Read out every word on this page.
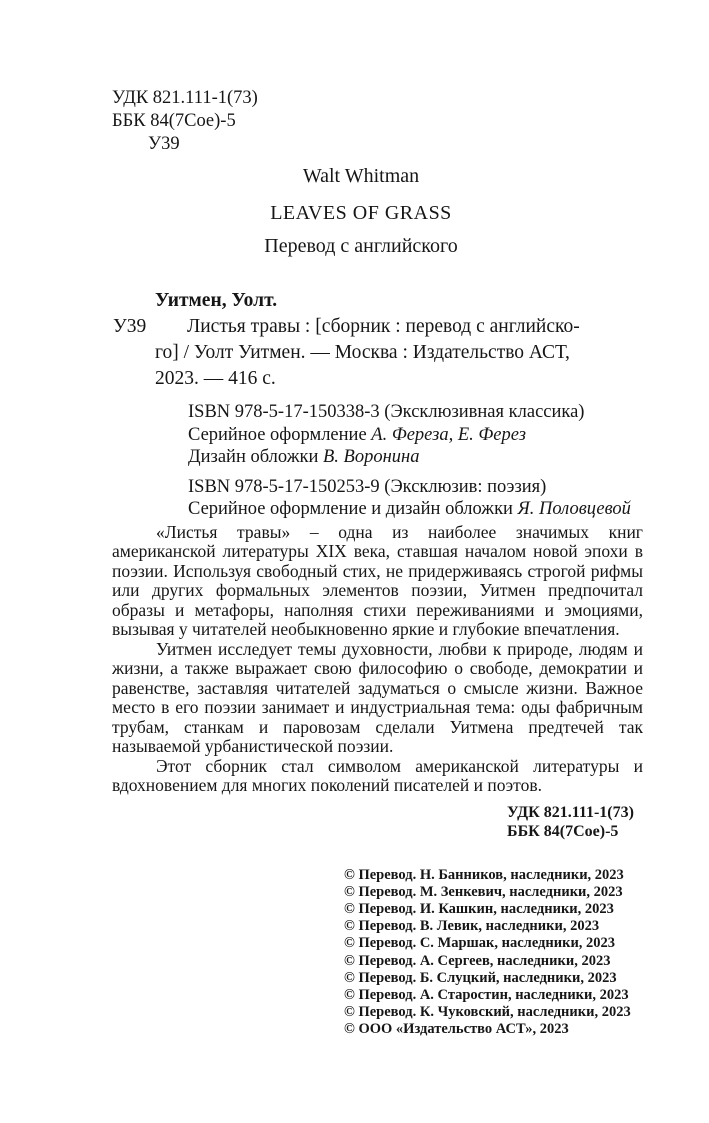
УДК 821.111-1(73)
ББК 84(7Сое)-5
У39
Walt Whitman
LEAVES OF GRASS
Перевод с английского
Уитмен, Уолт.
У39	Листья травы : [сборник : перевод с английско-
го] / Уолт Уитмен. — Москва : Издательство АСТ,
2023. — 416 с.
ISBN 978-5-17-150338-3 (Эксклюзивная классика)
Серийное оформление А. Фереза, Е. Ферез
Дизайн обложки В. Воронина
ISBN 978-5-17-150253-9 (Эксклюзив: поэзия)
Серийное оформление и дизайн обложки Я. Половцевой

«Листья травы» – одна из наиболее значимых книг американской литературы XIX века, ставшая началом новой эпохи в поэзии. Используя свободный стих, не придерживаясь строгой рифмы или других формальных элементов поэзии, Уитмен предпочитал образы и метафоры, наполняя стихи переживаниями и эмоциями, вызывая у читателей необыкновенно яркие и глубокие впечатления.

Уитмен исследует темы духовности, любви к природе, людям и жизни, а также выражает свою философию о свободе, демократии и равенстве, заставляя читателей задуматься о смысле жизни. Важное место в его поэзии занимает и индустриальная тема: оды фабричным трубам, станкам и паровозам сделали Уитмена предтечей так называемой урбанистической поэзии.

Этот сборник стал символом американской литературы и вдохновением для многих поколений писателей и поэтов.

УДК 821.111-1(73)
ББК 84(7Сое)-5
© Перевод. Н. Банников, наследники, 2023
© Перевод. М. Зенкевич, наследники, 2023
© Перевод. И. Кашкин, наследники, 2023
© Перевод. В. Левик, наследники, 2023
© Перевод. С. Маршак, наследники, 2023
© Перевод. А. Сергеев, наследники, 2023
© Перевод. Б. Слуцкий, наследники, 2023
© Перевод. А. Старостин, наследники, 2023
© Перевод. К. Чуковский, наследники, 2023
© ООО «Издательство АСТ», 2023
